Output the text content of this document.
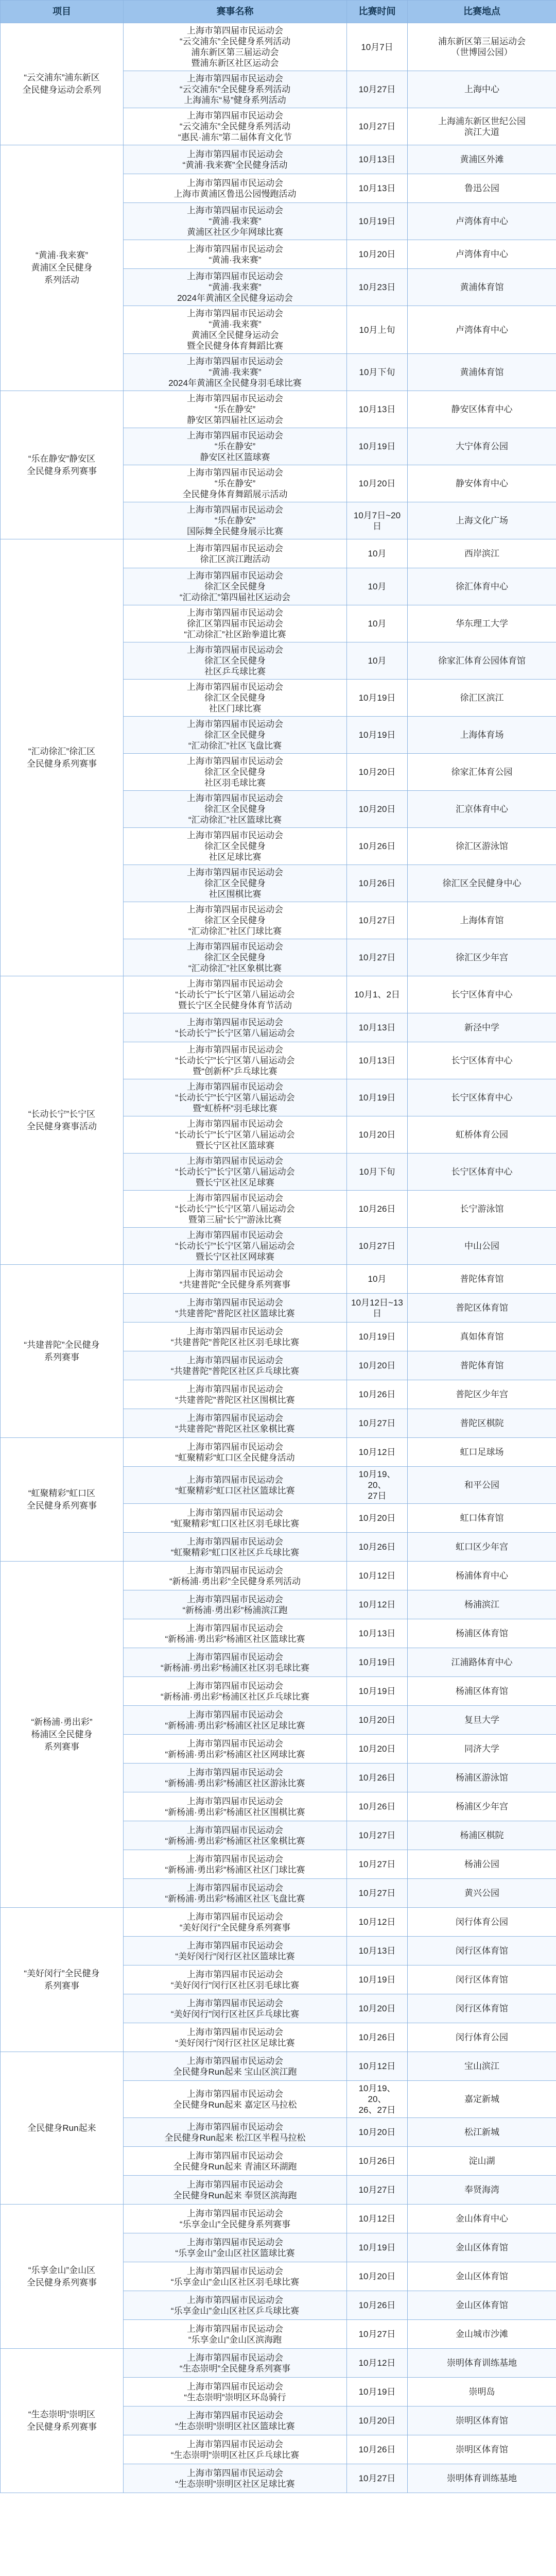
项目	赛事名称	比赛时间	比赛地点
“云交浦东”浦东新区
全民健身运动会系列	上海市第四届市民运动会
“云交浦东”全民健身系列活动
浦东新区第三届运动会
暨浦东新区社区运动会	10月7日	浦东新区第三届运动会
（世博园公园）
	上海市第四届市民运动会
“云交浦东”全民健身系列活动
上海浦东“易”健身系列活动	10月27日	上海中心
	上海市第四届市民运动会
“云交浦东”全民健身系列活动
“惠民·浦东”第二届体育文化节	10月27日	上海浦东新区世纪公园
滨江大道
“黄浦·我来赛”
黄浦区全民健身
系列活动	上海市第四届市民运动会
“黄浦·我来赛”全民健身活动	10月13日	黄浦区外滩
	上海市第四届市民运动会
上海市黄浦区鲁迅公园慢跑活动	10月13日	鲁迅公园
	上海市第四届市民运动会
“黄浦·我来赛”
黄浦区社区少年网球比赛	10月19日	卢湾体育中心
	上海市第四届市民运动会
“黄浦·我来赛”	10月20日	卢湾体育中心
	上海市第四届市民运动会
“黄浦·我来赛”
2024年黄浦区全民健身运动会	10月23日	黄浦体育馆
	上海市第四届市民运动会
“黄浦·我来赛”
黄浦区全民健身运动会
暨全民健身体育舞蹈比赛	10月上旬	卢湾体育中心
	上海市第四届市民运动会
“黄浦·我来赛”
2024年黄浦区全民健身羽毛球比赛	10月下旬	黄浦体育馆
“乐在静安”静安区
全民健身系列赛事	上海市第四届市民运动会
“乐在静安”
静安区第四届社区运动会	10月13日	静安区体育中心
	上海市第四届市民运动会
“乐在静安”
静安区社区篮球赛	10月19日	大宁体育公园
	上海市第四届市民运动会
“乐在静安”
全民健身体育舞蹈展示活动	10月20日	静安体育中心
	上海市第四届市民运动会
“乐在静安”
国际舞全民健身展示比赛	10月7日~20日	上海文化广场
“汇动徐汇”徐汇区
全民健身系列赛事	上海市第四届市民运动会
徐汇区滨江跑活动	10月	西岸滨江
	上海市第四届市民运动会
徐汇区全民健身
“汇动徐汇”第四届社区运动会	10月	徐汇体育中心
	上海市第四届市民运动会
徐汇区第四届市民运动会
“汇动徐汇”社区跆拳道比赛	10月	华东理工大学
	上海市第四届市民运动会
徐汇区全民健身
社区乒乓球比赛	10月	徐家汇体育公园体育馆
	上海市第四届市民运动会
徐汇区全民健身
社区门球比赛	10月19日	徐汇区滨江
	上海市第四届市民运动会
徐汇区全民健身
“汇动徐汇”社区飞盘比赛	10月19日	上海体育场
	上海市第四届市民运动会
徐汇区全民健身
社区羽毛球比赛	10月20日	徐家汇体育公园
	上海市第四届市民运动会
徐汇区全民健身
“汇动徐汇”社区篮球比赛	10月20日	汇京体育中心
	上海市第四届市民运动会
徐汇区全民健身
社区足球比赛	10月26日	徐汇区游泳馆
	上海市第四届市民运动会
徐汇区全民健身
社区围棋比赛	10月26日	徐汇区全民健身中心
	上海市第四届市民运动会
徐汇区全民健身
“汇动徐汇”社区门球比赛	10月27日	上海体育馆
	上海市第四届市民运动会
徐汇区全民健身
“汇动徐汇”社区象棋比赛	10月27日	徐汇区少年宫
“长动长宁”长宁区
全民健身赛事活动	上海市第四届市民运动会
“长动长宁”长宁区第八届运动会
暨长宁区全民健身体育节活动	10月1、2日	长宁区体育中心
	上海市第四届市民运动会
“长动长宁”长宁区第八届运动会	10月13日	新泾中学
	上海市第四届市民运动会
“长动长宁”长宁区第八届运动会
暨“创新杯”乒乓球比赛	10月13日	长宁区体育中心
	上海市第四届市民运动会
“长动长宁”长宁区第八届运动会
暨“虹桥杯”羽毛球比赛	10月19日	长宁区体育中心
	上海市第四届市民运动会
“长动长宁”长宁区第八届运动会
暨长宁区社区篮球赛	10月20日	虹桥体育公园
	上海市第四届市民运动会
“长动长宁”长宁区第八届运动会
暨长宁区社区足球赛	10月下旬	长宁区体育中心
	上海市第四届市民运动会
“长动长宁”长宁区第八届运动会
暨第三届“长宁”游泳比赛	10月26日	长宁游泳馆
	上海市第四届市民运动会
“长动长宁”长宁区第八届运动会
暨长宁区社区网球赛	10月27日	中山公园
“共建普陀”全民健身
系列赛事	上海市第四届市民运动会
“共建普陀”全民健身系列赛事	10月	普陀体育馆
	上海市第四届市民运动会
“共建普陀”普陀区社区篮球比赛	10月12日~13日	普陀区体育馆
	上海市第四届市民运动会
“共建普陀”普陀区社区羽毛球比赛	10月19日	真如体育馆
	上海市第四届市民运动会
“共建普陀”普陀区社区乒乓球比赛	10月20日	普陀体育馆
	上海市第四届市民运动会
“共建普陀”普陀区社区围棋比赛	10月26日	普陀区少年宫
	上海市第四届市民运动会
“共建普陀”普陀区社区象棋比赛	10月27日	普陀区棋院
“虹聚精彩”虹口区
全民健身系列赛事	上海市第四届市民运动会
“虹聚精彩”虹口区全民健身活动	10月12日	虹口足球场
	上海市第四届市民运动会
“虹聚精彩”虹口区社区篮球比赛	10月19、20、
27日	和平公园
	上海市第四届市民运动会
“虹聚精彩”虹口区社区羽毛球比赛	10月20日	虹口体育馆
	上海市第四届市民运动会
“虹聚精彩”虹口区社区乒乓球比赛	10月26日	虹口区少年宫
“新杨浦·勇出彩”
杨浦区全民健身
系列赛事	上海市第四届市民运动会
“新杨浦·勇出彩”全民健身系列活动	10月12日	杨浦体育中心
	上海市第四届市民运动会
“新杨浦·勇出彩”杨浦滨江跑	10月12日	杨浦滨江
	上海市第四届市民运动会
“新杨浦·勇出彩”杨浦区社区篮球比赛	10月13日	杨浦区体育馆
	上海市第四届市民运动会
“新杨浦·勇出彩”杨浦区社区羽毛球比赛	10月19日	江浦路体育中心
	上海市第四届市民运动会
“新杨浦·勇出彩”杨浦区社区乒乓球比赛	10月19日	杨浦区体育馆
	上海市第四届市民运动会
“新杨浦·勇出彩”杨浦区社区足球比赛	10月20日	复旦大学
	上海市第四届市民运动会
“新杨浦·勇出彩”杨浦区社区网球比赛	10月20日	同济大学
	上海市第四届市民运动会
“新杨浦·勇出彩”杨浦区社区游泳比赛	10月26日	杨浦区游泳馆
	上海市第四届市民运动会
“新杨浦·勇出彩”杨浦区社区围棋比赛	10月26日	杨浦区少年宫
	上海市第四届市民运动会
“新杨浦·勇出彩”杨浦区社区象棋比赛	10月27日	杨浦区棋院
	上海市第四届市民运动会
“新杨浦·勇出彩”杨浦区社区门球比赛	10月27日	杨浦公园
	上海市第四届市民运动会
“新杨浦·勇出彩”杨浦区社区飞盘比赛	10月27日	黄兴公园
“美好闵行”全民健身
系列赛事	上海市第四届市民运动会
“美好闵行”全民健身系列赛事	10月12日	闵行体育公园
	上海市第四届市民运动会
“美好闵行”闵行区社区篮球比赛	10月13日	闵行区体育馆
	上海市第四届市民运动会
“美好闵行”闵行区社区羽毛球比赛	10月19日	闵行区体育馆
	上海市第四届市民运动会
“美好闵行”闵行区社区乒乓球比赛	10月20日	闵行区体育馆
	上海市第四届市民运动会
“美好闵行”闵行区社区足球比赛	10月26日	闵行体育公园
全民健身Run起来	上海市第四届市民运动会
全民健身Run起来 宝山区滨江跑	10月12日	宝山滨江
	上海市第四届市民运动会
全民健身Run起来 嘉定区马拉松	10月19、20、
26、27日	嘉定新城
	上海市第四届市民运动会
全民健身Run起来 松江区半程马拉松	10月20日	松江新城
	上海市第四届市民运动会
全民健身Run起来 青浦区环湖跑	10月26日	淀山湖
	上海市第四届市民运动会
全民健身Run起来 奉贤区滨海跑	10月27日	奉贤海湾
“乐享金山”金山区
全民健身系列赛事	上海市第四届市民运动会
“乐享金山”全民健身系列赛事	10月12日	金山体育中心
	上海市第四届市民运动会
“乐享金山”金山区社区篮球比赛	10月19日	金山区体育馆
	上海市第四届市民运动会
“乐享金山”金山区社区羽毛球比赛	10月20日	金山区体育馆
	上海市第四届市民运动会
“乐享金山”金山区社区乒乓球比赛	10月26日	金山区体育馆
	上海市第四届市民运动会
“乐享金山”金山区滨海跑	10月27日	金山城市沙滩
“生态崇明”崇明区
全民健身系列赛事	上海市第四届市民运动会
“生态崇明”全民健身系列赛事	10月12日	崇明体育训练基地
	上海市第四届市民运动会
“生态崇明”崇明区环岛骑行	10月19日	崇明岛
	上海市第四届市民运动会
“生态崇明”崇明区社区篮球比赛	10月20日	崇明区体育馆
	上海市第四届市民运动会
“生态崇明”崇明区社区乒乓球比赛	10月26日	崇明区体育馆
	上海市第四届市民运动会
“生态崇明”崇明区社区足球比赛	10月27日	崇明体育训练基地
